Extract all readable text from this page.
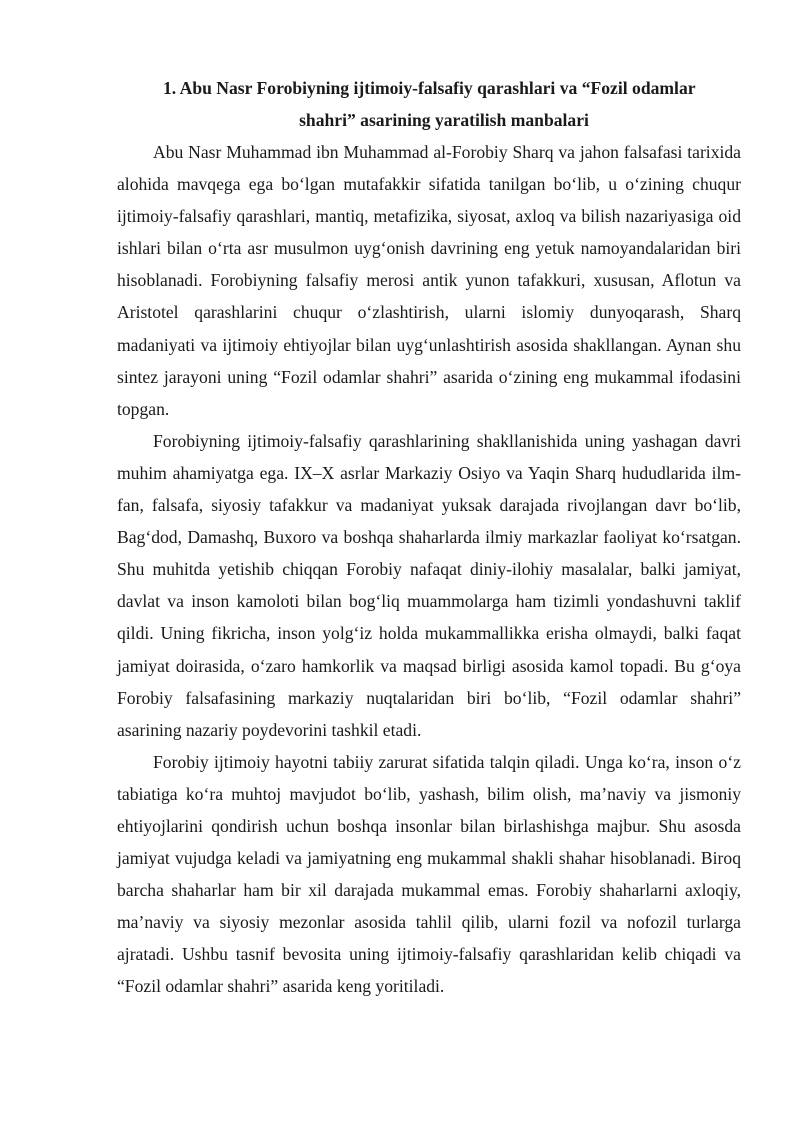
1. Abu Nasr Forobiyning ijtimoiy-falsafiy qarashlari va “Fozil odamlar
shahri” asarining yaratilish manbalari

Abu Nasr Muhammad ibn Muhammad al-Forobiy Sharq va jahon falsafasi tarixida alohida mavqega ega bo‘lgan mutafakkir sifatida tanilgan bo‘lib, u o‘zining chuqur ijtimoiy-falsafiy qarashlari, mantiq, metafizika, siyosat, axloq va bilish nazariyasiga oid ishlari bilan o‘rta asr musulmon uyg‘onish davrining eng yetuk namoyandalaridan biri hisoblanadi. Forobiyning falsafiy merosi antik yunon tafakkuri, xususan, Aflotun va Aristotel qarashlarini chuqur o‘zlashtirish, ularni islomiy dunyoqarash, Sharq madaniyati va ijtimoiy ehtiyojlar bilan uyg‘unlashtirish asosida shakllangan. Aynan shu sintez jarayoni uning “Fozil odamlar shahri” asarida o‘zining eng mukammal ifodasini topgan.

Forobiyning ijtimoiy-falsafiy qarashlarining shakllanishida uning yashagan davri muhim ahamiyatga ega. IX–X asrlar Markaziy Osiyo va Yaqin Sharq hududlarida ilm-fan, falsafa, siyosiy tafakkur va madaniyat yuksak darajada rivojlangan davr bo‘lib, Bag‘dod, Damashq, Buxoro va boshqa shaharlarda ilmiy markazlar faoliyat ko‘rsatgan. Shu muhitda yetishib chiqqan Forobiy nafaqat diniy-ilohiy masalalar, balki jamiyat, davlat va inson kamoloti bilan bog‘liq muammolarga ham tizimli yondashuvni taklif qildi. Uning fikricha, inson yolg‘iz holda mukammallikka erisha olmaydi, balki faqat jamiyat doirasida, o‘zaro hamkorlik va maqsad birligi asosida kamol topadi. Bu g‘oya Forobiy falsafasining markaziy nuqtalaridan biri bo‘lib, “Fozil odamlar shahri” asarining nazariy poydevorini tashkil etadi.

Forobiy ijtimoiy hayotni tabiiy zarurat sifatida talqin qiladi. Unga ko‘ra, inson o‘z tabiatiga ko‘ra muhtoj mavjudot bo‘lib, yashash, bilim olish, ma’naviy va jismoniy ehtiyojlarini qondirish uchun boshqa insonlar bilan birlashishga majbur. Shu asosda jamiyat vujudga keladi va jamiyatning eng mukammal shakli shahar hisoblanadi. Biroq barcha shaharlar ham bir xil darajada mukammal emas. Forobiy shaharlarni axloqiy, ma’naviy va siyosiy mezonlar asosida tahlil qilib, ularni fozil va nofozil turlarga ajratadi. Ushbu tasnif bevosita uning ijtimoiy-falsafiy qarashlaridan kelib chiqadi va “Fozil odamlar shahri” asarida keng yoritiladi.
